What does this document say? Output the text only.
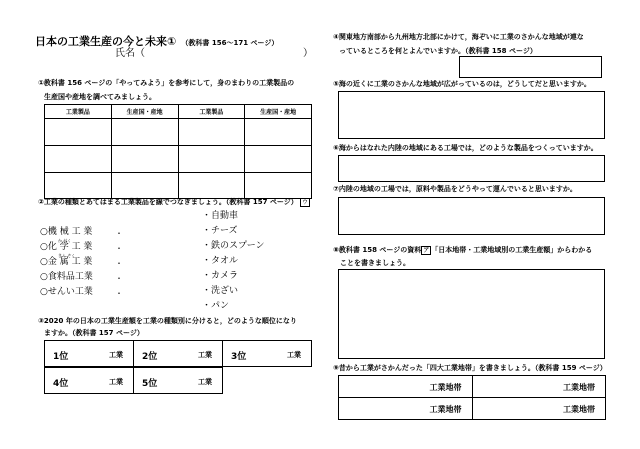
日本の工業生産の今と未来① （教科書 156〜171 ページ）
氏名（	）
①教科書 156 ページの「やってみよう」を参考にして，身のまわりの工業製品の
生産国や産地を調べてみましょう。
工業製品	生産国・産地	工業製品	生産国・産地

②工業の種類とあてはまる工業製品を線でつなぎましょう。（教科書 157 ページ） ウ
・自動車
・チーズ
・鉄のスプーン
・タオル
・カメラ
・洗ざい
・パン
○機 械 工 業
か がく
○化 学 工 業
きん ぞく
○金 属 工 業
○食料品工業
○せんい工業
・
・
・
・
・
③2020 年の日本の工業生産額を工業の種類別に分けると，どのような順位になり
ますか。（教科書 157 ページ）
1位	工業	2位	工業	3位	工業
4位	工業	5位	工業
④関東地方南部から九州地方北部にかけて，海ぞいに工業のさかんな地域が連な
っているところを何とよんでいますか。（教科書 158 ページ）
⑤海の近くに工業のさかんな地域が広がっているのは，どうしてだと思いますか。
⑥海からはなれた内陸の地域にある工場では，どのような製品をつくっていますか。
⑦内陸の地域の工場では，原料や製品をどうやって運んでいると思いますか。
⑧教科書 158 ページの資料 ア 「日本地帯・工業地域別の工業生産額」からわかる
ことを書きましょう。
⑨昔から工業がさかんだった「四大工業地帯」を書きましょう。（教科書 159 ページ）
工業地帯	工業地帯

工業地帯	工業地帯
